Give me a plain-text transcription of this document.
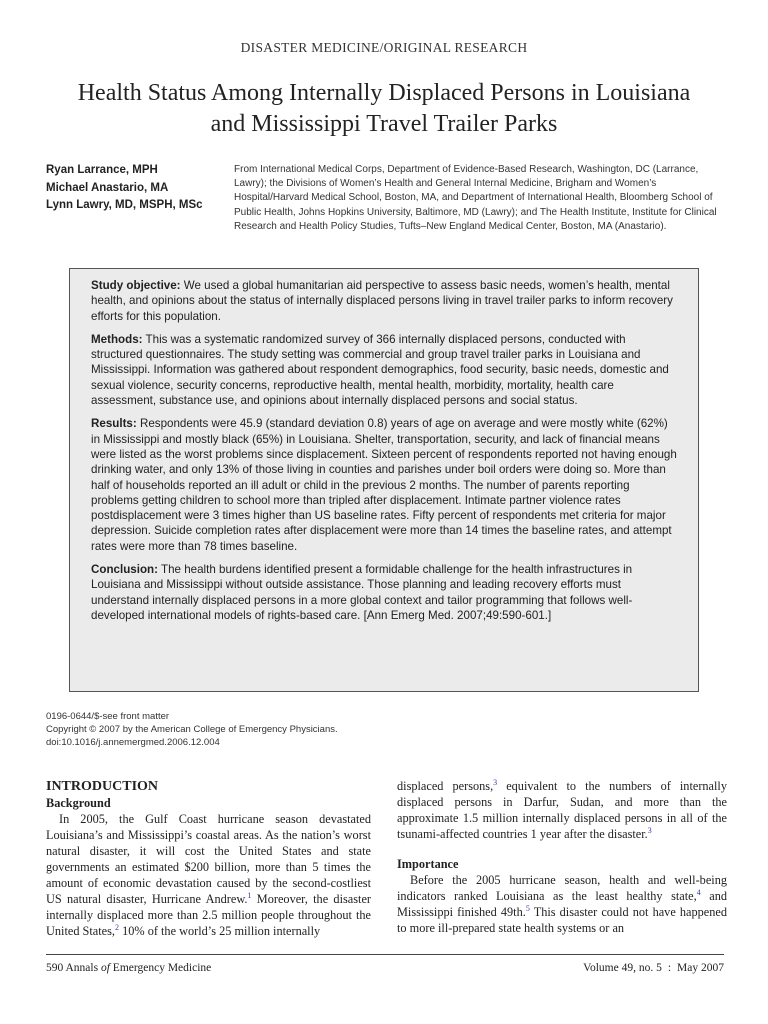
DISASTER MEDICINE/ORIGINAL RESEARCH
Health Status Among Internally Displaced Persons in Louisiana
and Mississippi Travel Trailer Parks
Ryan Larrance, MPH
Michael Anastario, MA
Lynn Lawry, MD, MSPH, MSc
From International Medical Corps, Department of Evidence-Based Research, Washington, DC (Larrance, Lawry); the Divisions of Women’s Health and General Internal Medicine, Brigham and Women’s Hospital/Harvard Medical School, Boston, MA, and Department of International Health, Bloomberg School of Public Health, Johns Hopkins University, Baltimore, MD (Lawry); and The Health Institute, Institute for Clinical Research and Health Policy Studies, Tufts–New England Medical Center, Boston, MA (Anastario).

Study objective: We used a global humanitarian aid perspective to assess basic needs, women’s health, mental health, and opinions about the status of internally displaced persons living in travel trailer parks to inform recovery efforts for this population.

Methods: This was a systematic randomized survey of 366 internally displaced persons, conducted with structured questionnaires. The study setting was commercial and group travel trailer parks in Louisiana and Mississippi. Information was gathered about respondent demographics, food security, basic needs, domestic and sexual violence, security concerns, reproductive health, mental health, morbidity, mortality, health care assessment, substance use, and opinions about internally displaced persons and social status.

Results: Respondents were 45.9 (standard deviation 0.8) years of age on average and were mostly white (62%) in Mississippi and mostly black (65%) in Louisiana. Shelter, transportation, security, and lack of financial means were listed as the worst problems since displacement. Sixteen percent of respondents reported not having enough drinking water, and only 13% of those living in counties and parishes under boil orders were doing so. More than half of households reported an ill adult or child in the previous 2 months. The number of parents reporting problems getting children to school more than tripled after displacement. Intimate partner violence rates postdisplacement were 3 times higher than US baseline rates. Fifty percent of respondents met criteria for major depression. Suicide completion rates after displacement were more than 14 times the baseline rates, and attempt rates were more than 78 times baseline.

Conclusion: The health burdens identified present a formidable challenge for the health infrastructures in Louisiana and Mississippi without outside assistance. Those planning and leading recovery efforts must understand internally displaced persons in a more global context and tailor programming that follows well-developed international models of rights-based care. [Ann Emerg Med. 2007;49:590-601.]

0196-0644/$-see front matter
Copyright © 2007 by the American College of Emergency Physicians.
doi:10.1016/j.annemergmed.2006.12.004
INTRODUCTION
Background

In 2005, the Gulf Coast hurricane season devastated Louisiana’s and Mississippi’s coastal areas. As the nation’s worst natural disaster, it will cost the United States and state governments an estimated $200 billion, more than 5 times the amount of economic devastation caused by the second-costliest US natural disaster, Hurricane Andrew.$^1$ Moreover, the disaster internally displaced more than 2.5 million people throughout the United States,$^2$ 10% of the world’s 25 million internally

displaced persons,$^3$ equivalent to the numbers of internally displaced persons in Darfur, Sudan, and more than the approximate 1.5 million internally displaced persons in all of the tsunami-affected countries 1 year after the disaster.$^3$

Importance

Before the 2005 hurricane season, health and well-being indicators ranked Louisiana as the least healthy state,$^4$ and Mississippi finished 49th.$^5$ This disaster could not have happened to more ill-prepared state health systems or an

590 Annals of Emergency Medicine	Volume 49, no. 5 : May 2007
